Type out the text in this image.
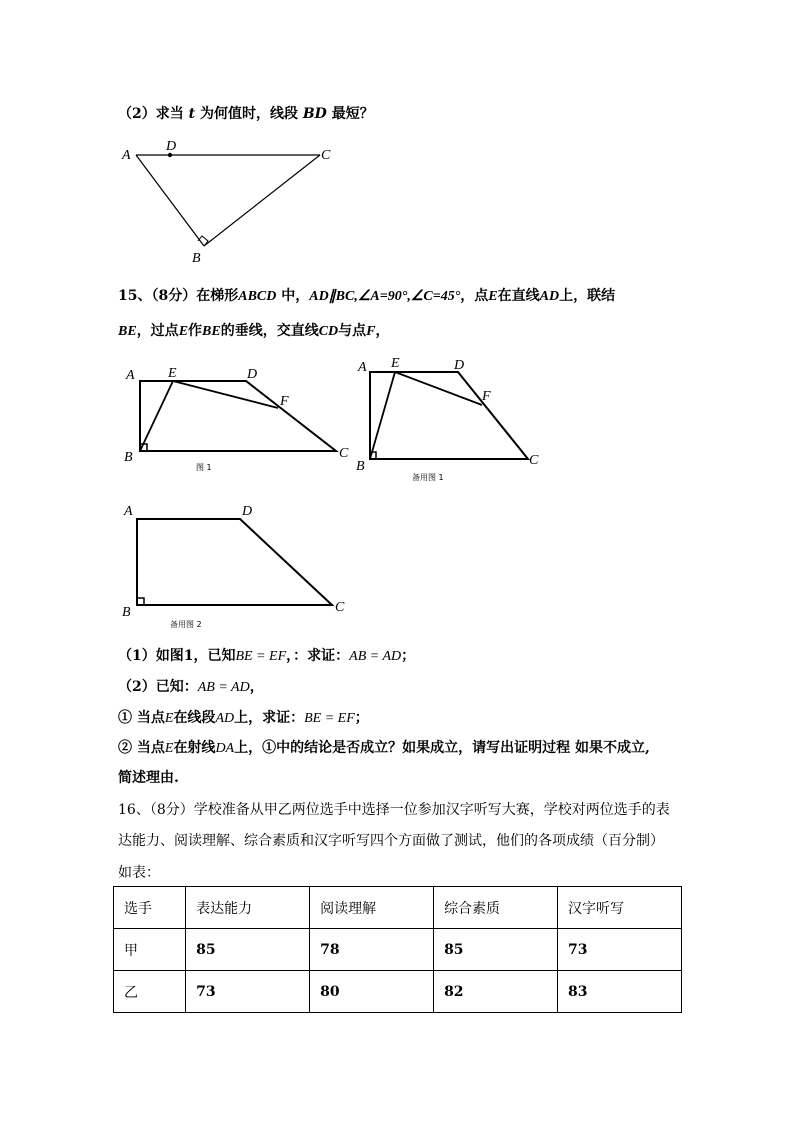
（2）求当 t 为何值时，线段 BD 最短？
A
D
C
B
15、（8分）在梯形ABCD 中，AD∥BC,∠A=90°,∠C=45°，点E在直线AD上，联结
BE，过点E作BE的垂线，交直线CD与点F，
A E	D
F
B	C
图 1
A E	D
F
B	C
备用图 1
A	D
B	C
备用图 2
（1）如图1，已知BE = EF，：求证：AB = AD；
（2）已知：AB = AD，
① 当点E在线段AD上，求证：BE = EF；
② 当点E在射线DA上，①中的结论是否成立？如果成立，请写出证明过程 如果不成立,
简述理由.
16、（8分）学校准备从甲乙两位选手中选择一位参加汉字听写大赛，学校对两位选手的表
达能力、阅读理解、综合素质和汉字听写四个方面做了测试，他们的各项成绩（百分制）
如表：
选手	表达能力	阅读理解	综合素质	汉字听写
甲	85	78	85	73
乙	73	80	82	83
